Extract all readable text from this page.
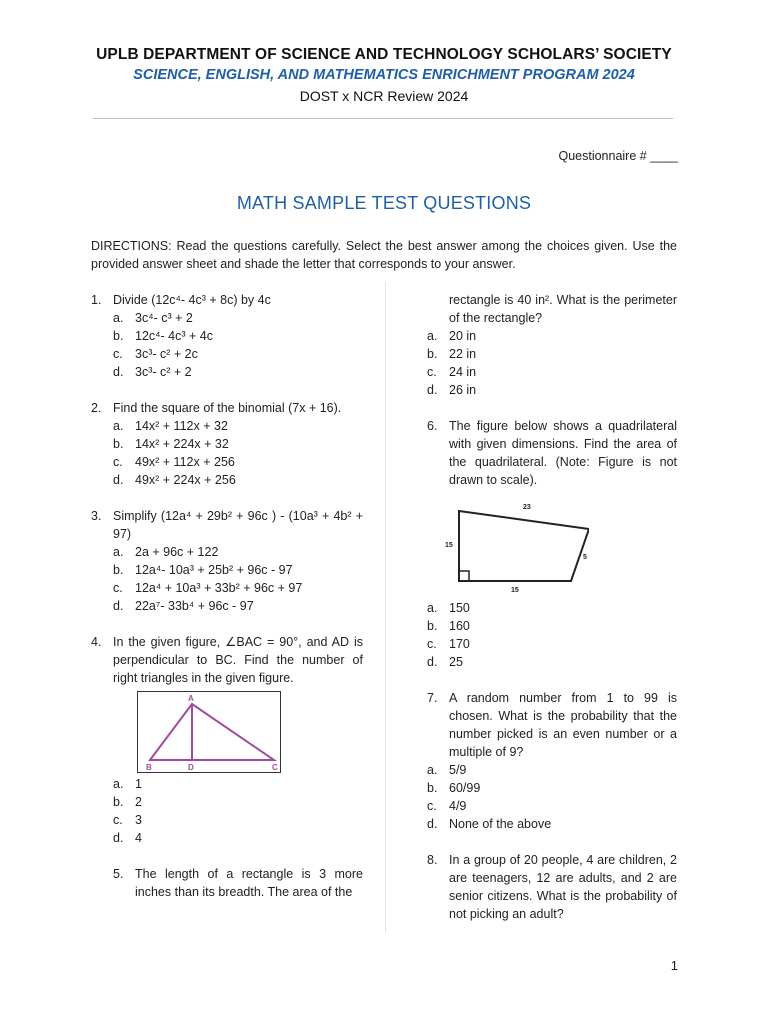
UPLB DEPARTMENT OF SCIENCE AND TECHNOLOGY SCHOLARS’ SOCIETY
SCIENCE, ENGLISH, AND MATHEMATICS ENRICHMENT PROGRAM 2024
DOST x NCR Review 2024
Questionnaire # ____
MATH SAMPLE TEST QUESTIONS
DIRECTIONS: Read the questions carefully. Select the best answer among the choices given. Use the provided answer sheet and shade the letter that corresponds to your answer.
1. Divide (12c⁴- 4c³ + 8c) by 4c
a. 3c⁴- c³ + 2
b. 12c⁴- 4c³ + 4c
c. 3c³- c² + 2c
d. 3c³- c² + 2
2. Find the square of the binomial (7x + 16).
a. 14x² + 112x + 32
b. 14x² + 224x + 32
c. 49x² + 112x + 256
d. 49x² + 224x + 256
3. Simplify (12a⁴ + 29b² + 96c ) - (10a³ + 4b² + 97)
a. 2a + 96c + 122
b. 12a⁴- 10a³ + 25b² + 96c - 97
c. 12a⁴ + 10a³ + 33b² + 96c + 97
d. 22a⁷- 33b⁴ + 96c - 97
4. In the given figure, ∠BAC = 90°, and AD is perpendicular to BC. Find the number of right triangles in the given figure.
A
B	D	C
a. 1
b. 2
c. 3
d. 4
5. The length of a rectangle is 3 more inches than its breadth. The area of the
rectangle is 40 in². What is the perimeter of the rectangle?
a. 20 in
b. 22 in
c. 24 in
d. 26 in
6. The figure below shows a quadrilateral with given dimensions. Find the area of the quadrilateral. (Note: Figure is not drawn to scale).
23
15
5
15
a. 150
b. 160
c. 170
d. 25
7. A random number from 1 to 99 is chosen. What is the probability that the number picked is an even number or a multiple of 9?
a. 5/9
b. 60/99
c. 4/9
d. None of the above
8. In a group of 20 people, 4 are children, 2 are teenagers, 12 are adults, and 2 are senior citizens. What is the probability of not picking an adult?
1
